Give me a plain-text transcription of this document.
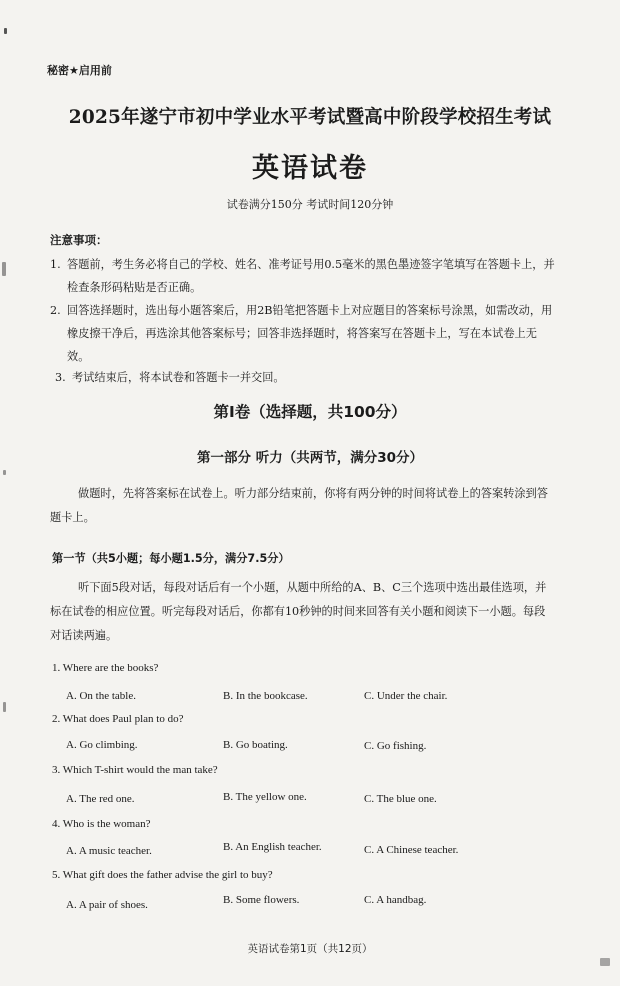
秘密★启用前
2025年遂宁市初中学业水平考试暨高中阶段学校招生考试
英语试卷
试卷满分150分 考试时间120分钟
注意事项：
1. 答题前，考生务必将自己的学校、姓名、准考证号用0.5毫米的黑色墨迹签字笔填写在答题卡上，并检查条形码粘贴是否正确。
2. 回答选择题时，选出每小题答案后，用2B铅笔把答题卡上对应题目的答案标号涂黑，如需改动，用橡皮擦干净后，再选涂其他答案标号；回答非选择题时，将答案写在答题卡上，写在本试卷上无效。
3. 考试结束后，将本试卷和答题卡一并交回。
第Ⅰ卷（选择题，共100分）
第一部分 听力（共两节，满分30分）
做题时，先将答案标在试卷上。听力部分结束前，你将有两分钟的时间将试卷上的答案转涂到答题卡上。
第一节（共5小题；每小题1.5分，满分7.5分）
听下面5段对话，每段对话后有一个小题，从题中所给的A、B、C三个选项中选出最佳选项，并标在试卷的相应位置。听完每段对话后，你都有10秒钟的时间来回答有关小题和阅读下一小题。每段对话读两遍。
1. Where are the books?
A. On the table.	B. In the bookcase.	C. Under the chair.
2. What does Paul plan to do?
A. Go climbing.	B. Go boating.	C. Go fishing.
3. Which T-shirt would the man take?
A. The red one.	B. The yellow one.	C. The blue one.
4. Who is the woman?
A. A music teacher.	B. An English teacher.	C. A Chinese teacher.
5. What gift does the father advise the girl to buy?
A. A pair of shoes.	B. Some flowers.	C. A handbag.
英语试卷第1页（共12页）
